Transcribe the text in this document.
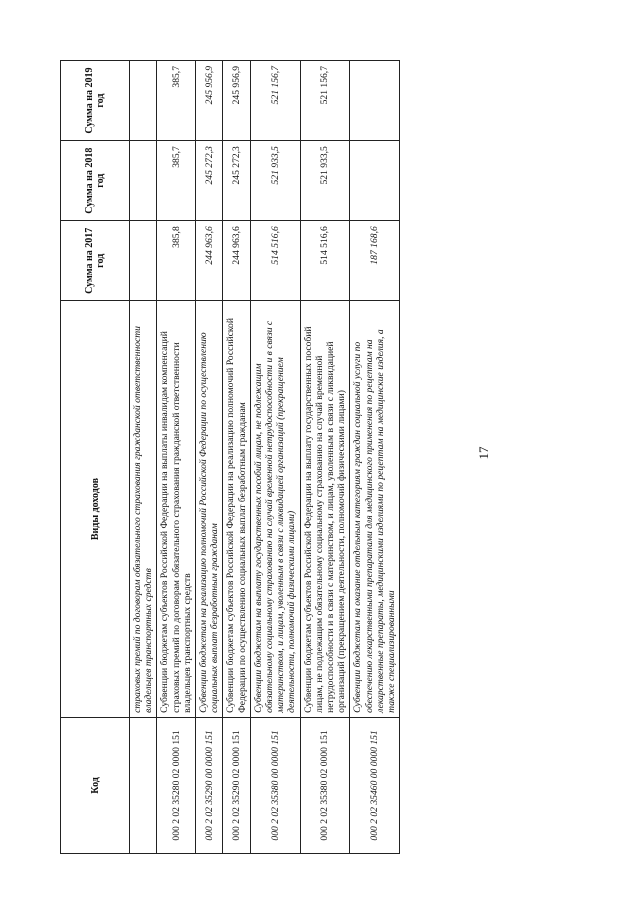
17
Код	Виды доходов	Сумма на 2017 год	Сумма на 2018 год	Сумма на 2019 год
	страховых премий по договорам обязательного страхования гражданской ответственности владельцев транспортных средств			
000 2 02 35280 02 0000 151	Субвенции бюджетам субъектов Российской Федерации на выплаты инвалидам компенсаций страховых премий по договорам обязательного страхования гражданской ответственности владельцев транспортных средств	385,8	385,7	385,7
000 2 02 35290 00 0000 151	Субвенции бюджетам на реализацию полномочий Российской Федерации по осуществлению социальных выплат безработным гражданам	244 963,6	245 272,3	245 956,9
000 2 02 35290 02 0000 151	Субвенции бюджетам субъектов Российской Федерации на реализацию полномочий Российской Федерации по осуществлению социальных выплат безработным гражданам	244 963,6	245 272,3	245 956,9
000 2 02 35380 00 0000 151	Субвенции бюджетам на выплату государственных пособий лицам, не подлежащим обязательному социальному страхованию на случай временной нетрудоспособности и в связи с материнством, и лицам, уволенным в связи с ликвидацией организаций (прекращением деятельности, полномочий физическими лицами)	514 516,6	521 933,5	521 156,7
000 2 02 35380 02 0000 151	Субвенции бюджетам субъектов Российской Федерации на выплату государственных пособий лицам, не подлежащим обязательному социальному страхованию на случай временной нетрудоспособности и в связи с материнством, и лицам, уволенным в связи с ликвидацией организаций (прекращением деятельности, полномочий физическими лицами)	514 516,6	521 933,5	521 156,7
000 2 02 35460 00 0000 151	Субвенции бюджетам на оказание отдельным категориям граждан социальной услуги по обеспечению лекарственными препаратами для медицинского применения по рецептам на лекарственные препараты, медицинскими изделиями по рецептам на медицинские изделия, а также специализированными	187 168,6		
